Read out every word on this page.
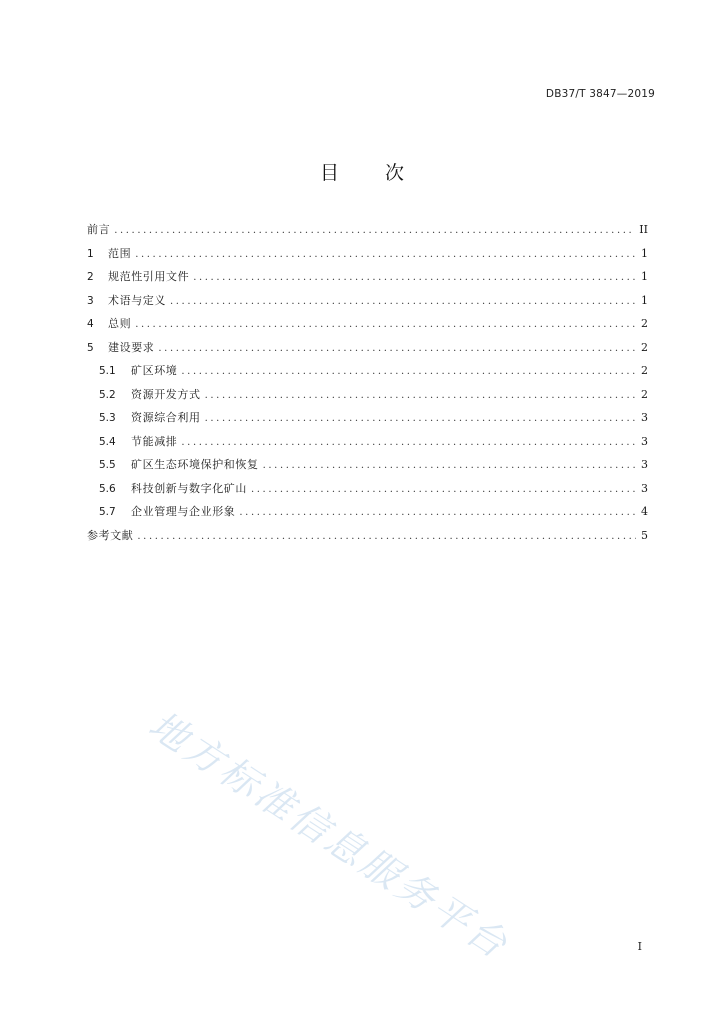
DB37/T 3847—2019
目 次
前言 .....	II
1	范围 .....	1
2	规范性引用文件 .....	1
3	术语与定义 .....	1
4	总则 .....	2
5	建设要求 .....	2
5.1	矿区环境 .....	2
5.2	资源开发方式 .....	2
5.3	资源综合利用 .....	3
5.4	节能减排 .....	3
5.5	矿区生态环境保护和恢复 .....	3
5.6	科技创新与数字化矿山 .....	3
5.7	企业管理与企业形象 .....	4
参考文献 .....	5
地方标准信息服务平台	I
